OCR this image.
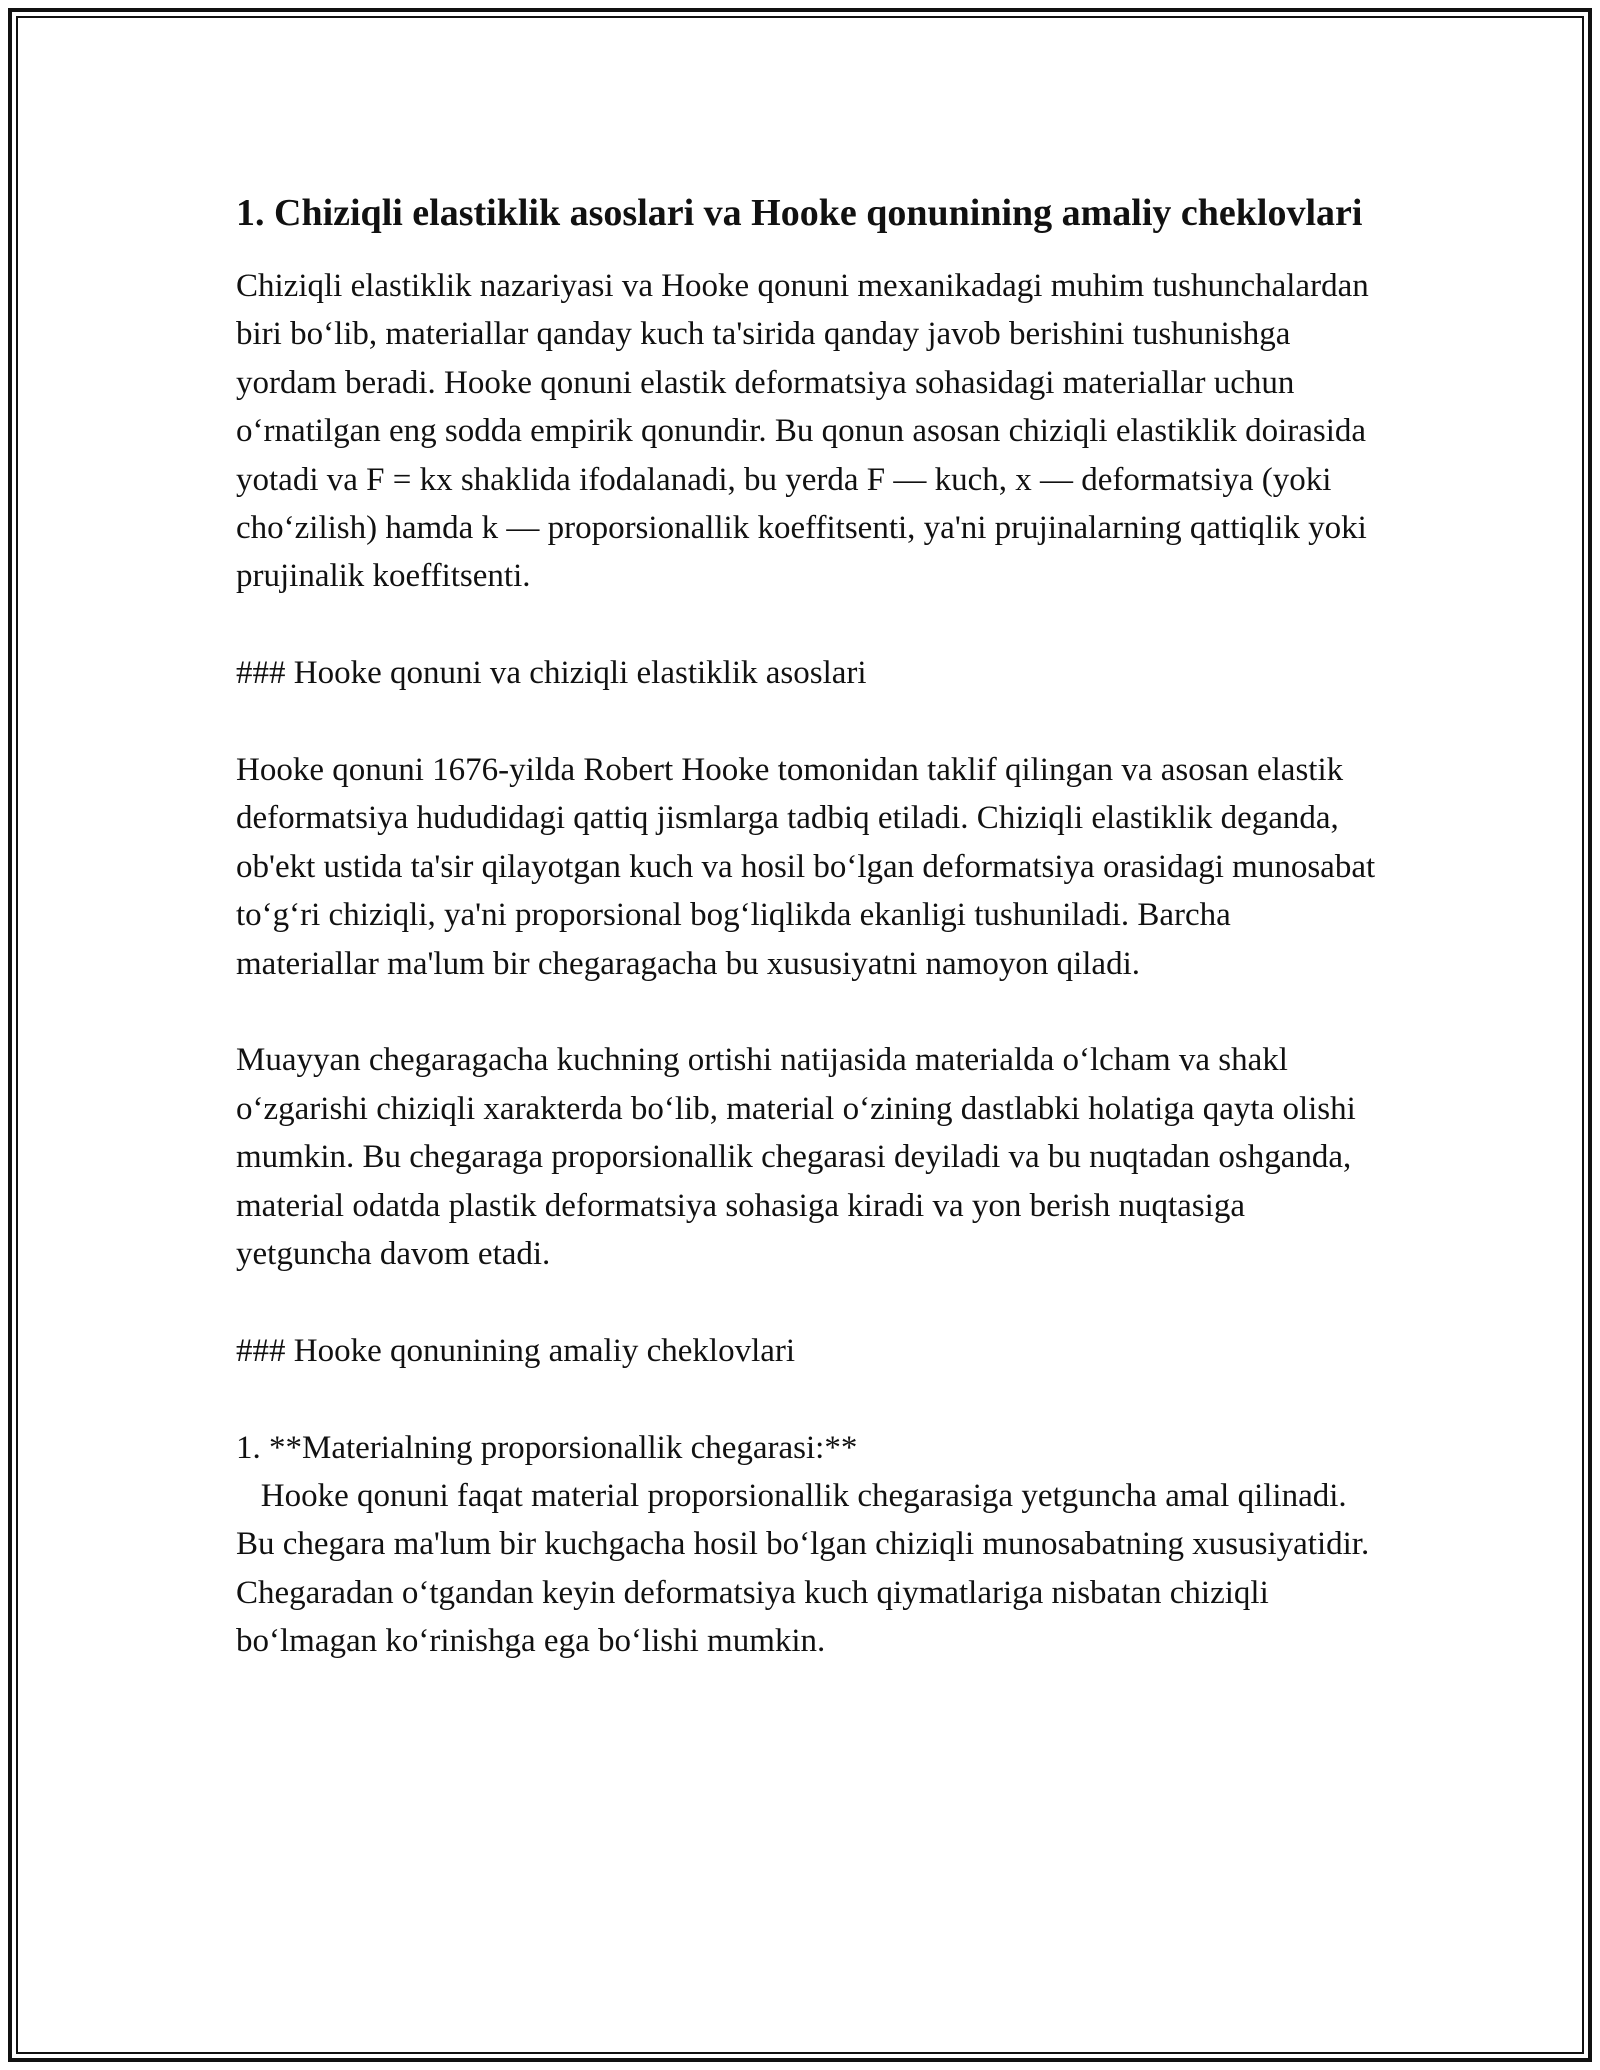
1. Chiziqli elastiklik asoslari va Hooke qonunining amaliy cheklovlari

Chiziqli elastiklik nazariyasi va Hooke qonuni mexanikadagi muhim tushunchalardan biri bo‘lib, materiallar qanday kuch ta'sirida qanday javob berishini tushunishga yordam beradi. Hooke qonuni elastik deformatsiya sohasidagi materiallar uchun o‘rnatilgan eng sodda empirik qonundir. Bu qonun asosan chiziqli elastiklik doirasida yotadi va F = kx shaklida ifodalanadi, bu yerda F — kuch, x — deformatsiya (yoki cho‘zilish) hamda k — proporsionallik koeffitsenti, ya'ni prujinalarning qattiqlik yoki prujinalik koeffitsenti.

### Hooke qonuni va chiziqli elastiklik asoslari

Hooke qonuni 1676-yilda Robert Hooke tomonidan taklif qilingan va asosan elastik deformatsiya hududidagi qattiq jismlarga tadbiq etiladi. Chiziqli elastiklik deganda, ob'ekt ustida ta'sir qilayotgan kuch va hosil bo‘lgan deformatsiya orasidagi munosabat to‘g‘ri chiziqli, ya'ni proporsional bog‘liqlikda ekanligi tushuniladi. Barcha materiallar ma'lum bir chegaragacha bu xususiyatni namoyon qiladi.

Muayyan chegaragacha kuchning ortishi natijasida materialda o‘lcham va shakl o‘zgarishi chiziqli xarakterda bo‘lib, material o‘zining dastlabki holatiga qayta olishi mumkin. Bu chegaraga proporsionallik chegarasi deyiladi va bu nuqtadan oshganda, material odatda plastik deformatsiya sohasiga kiradi va yon berish nuqtasiga yetguncha davom etadi.

### Hooke qonunining amaliy cheklovlari

1. **Materialning proporsionallik chegarasi:**
Hooke qonuni faqat material proporsionallik chegarasiga yetguncha amal qilinadi. Bu chegara ma'lum bir kuchgacha hosil bo‘lgan chiziqli munosabatning xususiyatidir. Chegaradan o‘tgandan keyin deformatsiya kuch qiymatlariga nisbatan chiziqli bo‘lmagan ko‘rinishga ega bo‘lishi mumkin.
